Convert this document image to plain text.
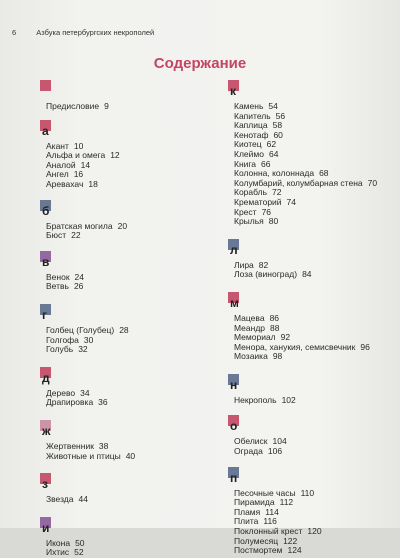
6	Азбука петербургских некрополей
Содержание
Предисловие 9
а
Акант 10
Альфа и омега 12
Аналой 14
Ангел 16
Аревахач 18
б
Братская могила 20
Бюст 22
в
Венок 24
Ветвь 26
г
Голбец (Голубец) 28
Голгофа 30
Голубь 32
д
Дерево 34
Драпировка 36
ж
Жертвенник 38
Животные и птицы 40
з
Звезда 44
и
Икона 50
Ихтис 52
к
Камень 54
Капитель 56
Каплица 58
Кенотаф 60
Киотец 62
Клеймо 64
Книга 66
Колонна, колоннада 68
Колумбарий, колумбарная стена 70
Корабль 72
Крематорий 74
Крест 76
Крылья 80
л
Лира 82
Лоза (виноград) 84
м
Мацева 86
Меандр 88
Мемориал 92
Менора, ханукия, семисвечник 96
Мозаика 98
н
Некрополь 102
о
Обелиск 104
Ограда 106
п
Песочные часы 110
Пирамида 112
Пламя 114
Плита 116
Поклонный крест 120
Полумесяц 122
Постмортем 124
